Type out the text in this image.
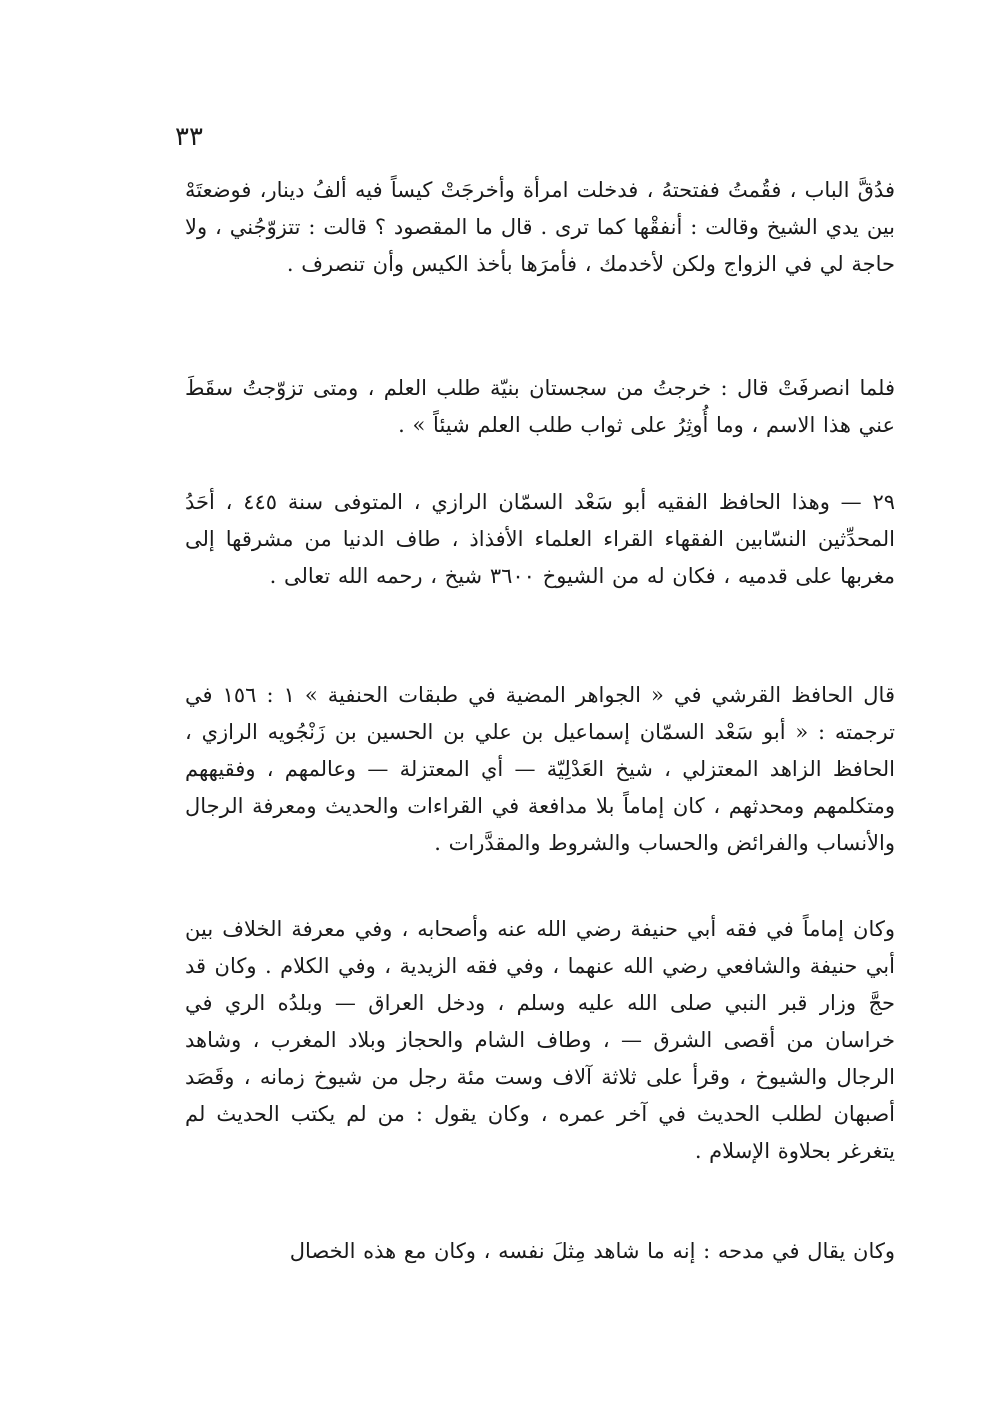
٣٣

فدُقَّ الباب ، فقُمتُ ففتحتهُ ، فدخلت امرأة وأخرجَتْ كيساً فيه ألفُ دينار، فوضعتَهْ بين يدي الشيخ وقالت : أنفقْها كما ترى . قال ما المقصود ؟ قالت : تتزوّجُني ، ولا حاجة لي في الزواج ولكن لأخدمك ، فأمرَها بأخذ الكيس وأن تنصرف .

فلما انصرفَتْ قال : خرجتُ من سجستان بنيّة طلب العلم ، ومتى تزوّجتُ سقَطَ عني هذا الاسم ، وما أُوثِرُ على ثواب طلب العلم شيئاً » .

٢٩ — وهذا الحافظ الفقيه أبو سَعْد السمّان الرازي ، المتوفى سنة ٤٤٥ ، أحَدُ المحدِّثين النسّابين الفقهاء القراء العلماء الأفذاذ ، طاف الدنيا من مشرقها إلى مغربها على قدميه ، فكان له من الشيوخ ٣٦٠٠ شيخ ، رحمه الله تعالى .

قال الحافظ القرشي في « الجواهر المضية في طبقات الحنفية » ١ : ١٥٦ في ترجمته : « أبو سَعْد السمّان إسماعيل بن علي بن الحسين بن زَنْجُويه الرازي ، الحافظ الزاهد المعتزلي ، شيخ العَدْلِيّة — أي المعتزلة — وعالمهم ، وفقيههم ومتكلمهم ومحدثهم ، كان إماماً بلا مدافعة في القراءات والحديث ومعرفة الرجال والأنساب والفرائض والحساب والشروط والمقدَّرات .

وكان إماماً في فقه أبي حنيفة رضي الله عنه وأصحابه ، وفي معرفة الخلاف بين أبي حنيفة والشافعي رضي الله عنهما ، وفي فقه الزيدية ، وفي الكلام . وكان قد حجَّ وزار قبر النبي صلى الله عليه وسلم ، ودخل العراق — وبلدُه الري في خراسان من أقصى الشرق — ، وطاف الشام والحجاز وبلاد المغرب ، وشاهد الرجال والشيوخ ، وقرأ على ثلاثة آلاف وست مئة رجل من شيوخ زمانه ، وقَصَد أصبهان لطلب الحديث في آخر عمره ، وكان يقول : من لم يكتب الحديث لم يتغرغر بحلاوة الإسلام .

وكان يقال في مدحه : إنه ما شاهد مِثلَ نفسه ، وكان مع هذه الخصال
